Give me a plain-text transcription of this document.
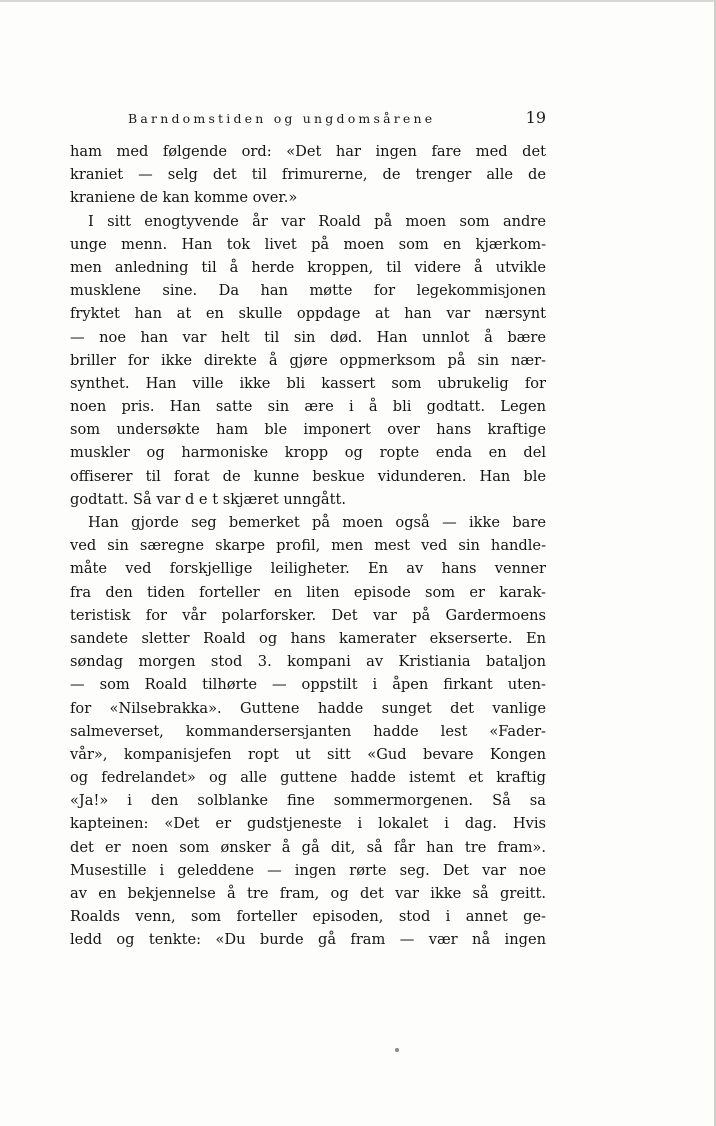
Barndomstiden og ungdomsårene	19
ham med følgende ord: «Det har ingen fare med det
kraniet — selg det til frimurerne, de trenger alle de
kraniene de kan komme over.»
I sitt enogtyvende år var Roald på moen som andre
unge menn. Han tok livet på moen som en kjærkom-
men anledning til å herde kroppen, til videre å utvikle
musklene sine. Da han møtte for legekommisjonen
fryktet han at en skulle oppdage at han var nærsynt
— noe han var helt til sin død. Han unnlot å bære
briller for ikke direkte å gjøre oppmerksom på sin nær-
synthet. Han ville ikke bli kassert som ubrukelig for
noen pris. Han satte sin ære i å bli godtatt. Legen
som undersøkte ham ble imponert over hans kraftige
muskler og harmoniske kropp og ropte enda en del
offiserer til forat de kunne beskue vidunderen. Han ble
godtatt. Så var d e t skjæret unngått.
Han gjorde seg bemerket på moen også — ikke bare
ved sin særegne skarpe profil, men mest ved sin handle-
måte ved forskjellige leiligheter. En av hans venner
fra den tiden forteller en liten episode som er karak-
teristisk for vår polarforsker. Det var på Gardermoens
sandete sletter Roald og hans kamerater ekserserte. En
søndag morgen stod 3. kompani av Kristiania bataljon
— som Roald tilhørte — oppstilt i åpen firkant uten-
for «Nilsebrakka». Guttene hadde sunget det vanlige
salmeverset, kommandersersjanten hadde lest «Fader-
vår», kompanisjefen ropt ut sitt «Gud bevare Kongen
og fedrelandet» og alle guttene hadde istemt et kraftig
«Ja!» i den solblanke fine sommermorgenen. Så sa
kapteinen: «Det er gudstjeneste i lokalet i dag. Hvis
det er noen som ønsker å gå dit, så får han tre fram».
Musestille i geleddene — ingen rørte seg. Det var noe
av en bekjennelse å tre fram, og det var ikke så greitt.
Roalds venn, som forteller episoden, stod i annet ge-
ledd og tenkte: «Du burde gå fram — vær nå ingen
